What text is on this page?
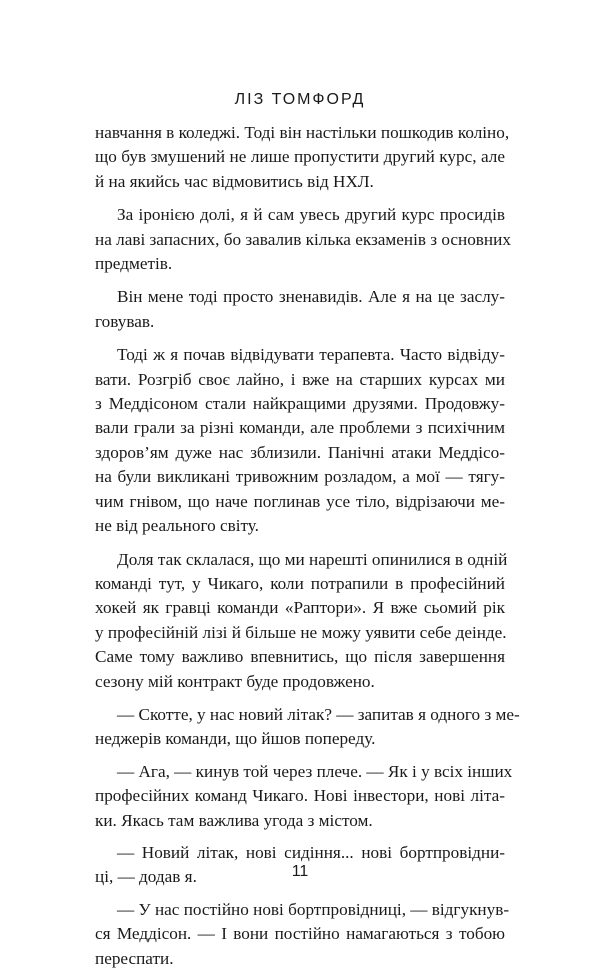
ЛІЗ ТОМФОРД

навчання в коледжі. Тоді він настільки пошкодив коліно,
що був змушений не лише пропустити другий курс, але
й на якийсь час відмовитись від НХЛ.

За іронією долі, я й сам увесь другий курс просидів
на лаві запасних, бо завалив кілька екзаменів з основних
предметів.

Він мене тоді просто зненавидів. Але я на це заслу-
говував.

Тоді ж я почав відвідувати терапевта. Часто відвіду-
вати. Розгріб своє лайно, і вже на старших курсах ми
з Меддісоном стали найкращими друзями. Продовжу-
вали грали за різні команди, але проблеми з психічним
здоров’ям дуже нас зблизили. Панічні атаки Меддісо-
на були викликані тривожним розладом, а мої — тягу-
чим гнівом, що наче поглинав усе тіло, відрізаючи ме-
не від реального світу.

Доля так склалася, що ми нарешті опинилися в одній
команді тут, у Чикаго, коли потрапили в професійний
хокей як гравці команди «Раптори». Я вже сьомий рік
у професійній лізі й більше не можу уявити себе деінде.
Саме тому важливо впевнитись, що після завершення
сезону мій контракт буде продовжено.

— Скотте, у нас новий літак? — запитав я одного з ме-
неджерів команди, що йшов попереду.

— Ага, — кинув той через плече. — Як і у всіх інших
професійних команд Чикаго. Нові інвестори, нові літа-
ки. Якась там важлива угода з містом.

— Новий літак, нові сидіння... нові бортпровідни-
ці, — додав я.

— У нас постійно нові бортпровідниці, — відгукнув-
ся Меддісон. — І вони постійно намагаються з тобою
переспати.

11
